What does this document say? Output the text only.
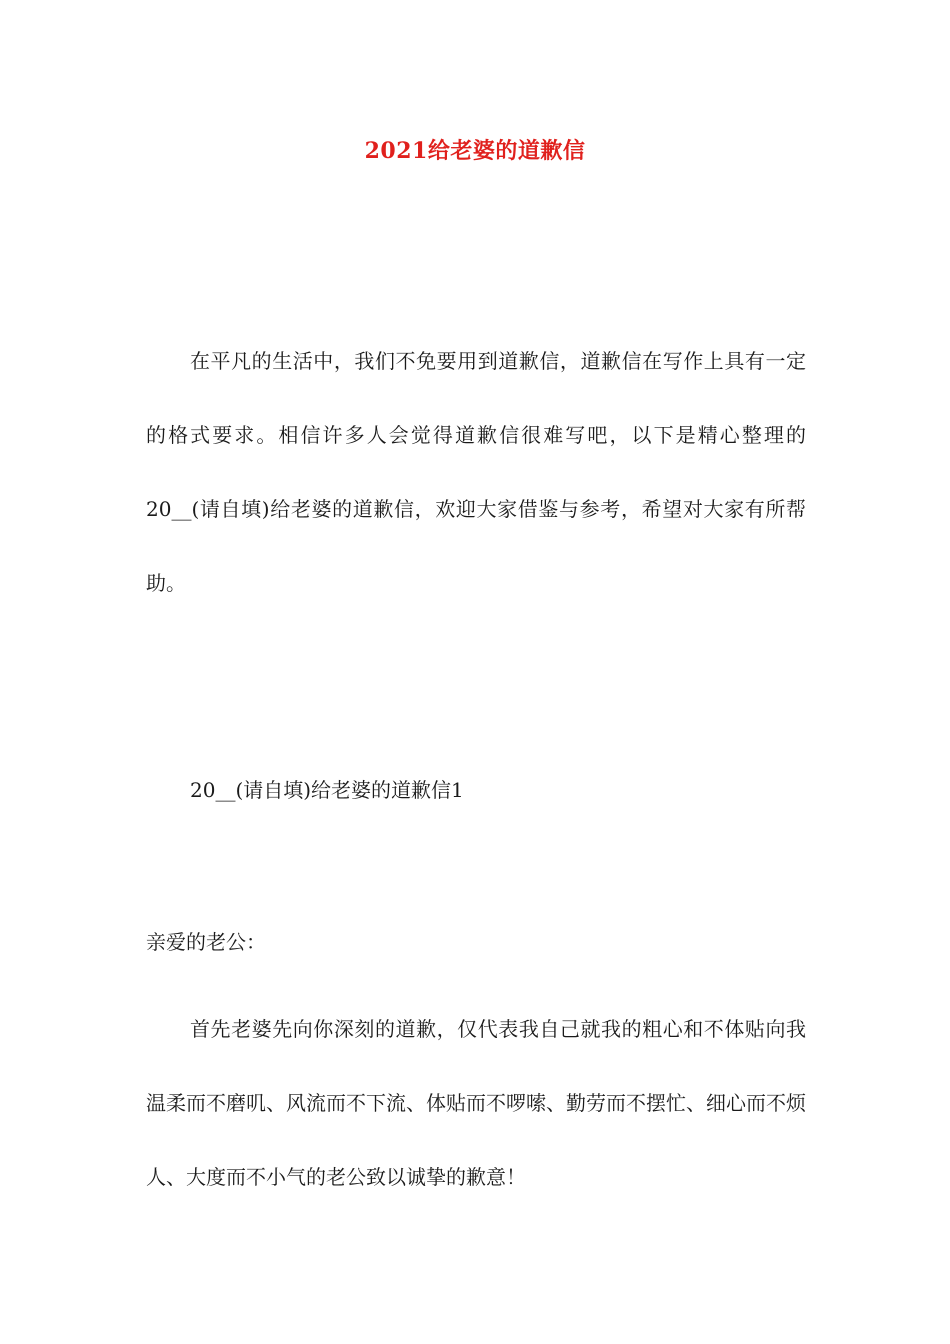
2021给老婆的道歉信

在平凡的生活中，我们不免要用到道歉信，道歉信在写作上具有一定的格式要求。相信许多人会觉得道歉信很难写吧，以下是精心整理的20__(请自填)给老婆的道歉信，欢迎大家借鉴与参考，希望对大家有所帮助。

20__(请自填)给老婆的道歉信1

亲爱的老公：

首先老婆先向你深刻的道歉，仅代表我自己就我的粗心和不体贴向我温柔而不磨叽、风流而不下流、体贴而不啰嗦、勤劳而不摆忙、细心而不烦人、大度而不小气的老公致以诚挚的歉意！
